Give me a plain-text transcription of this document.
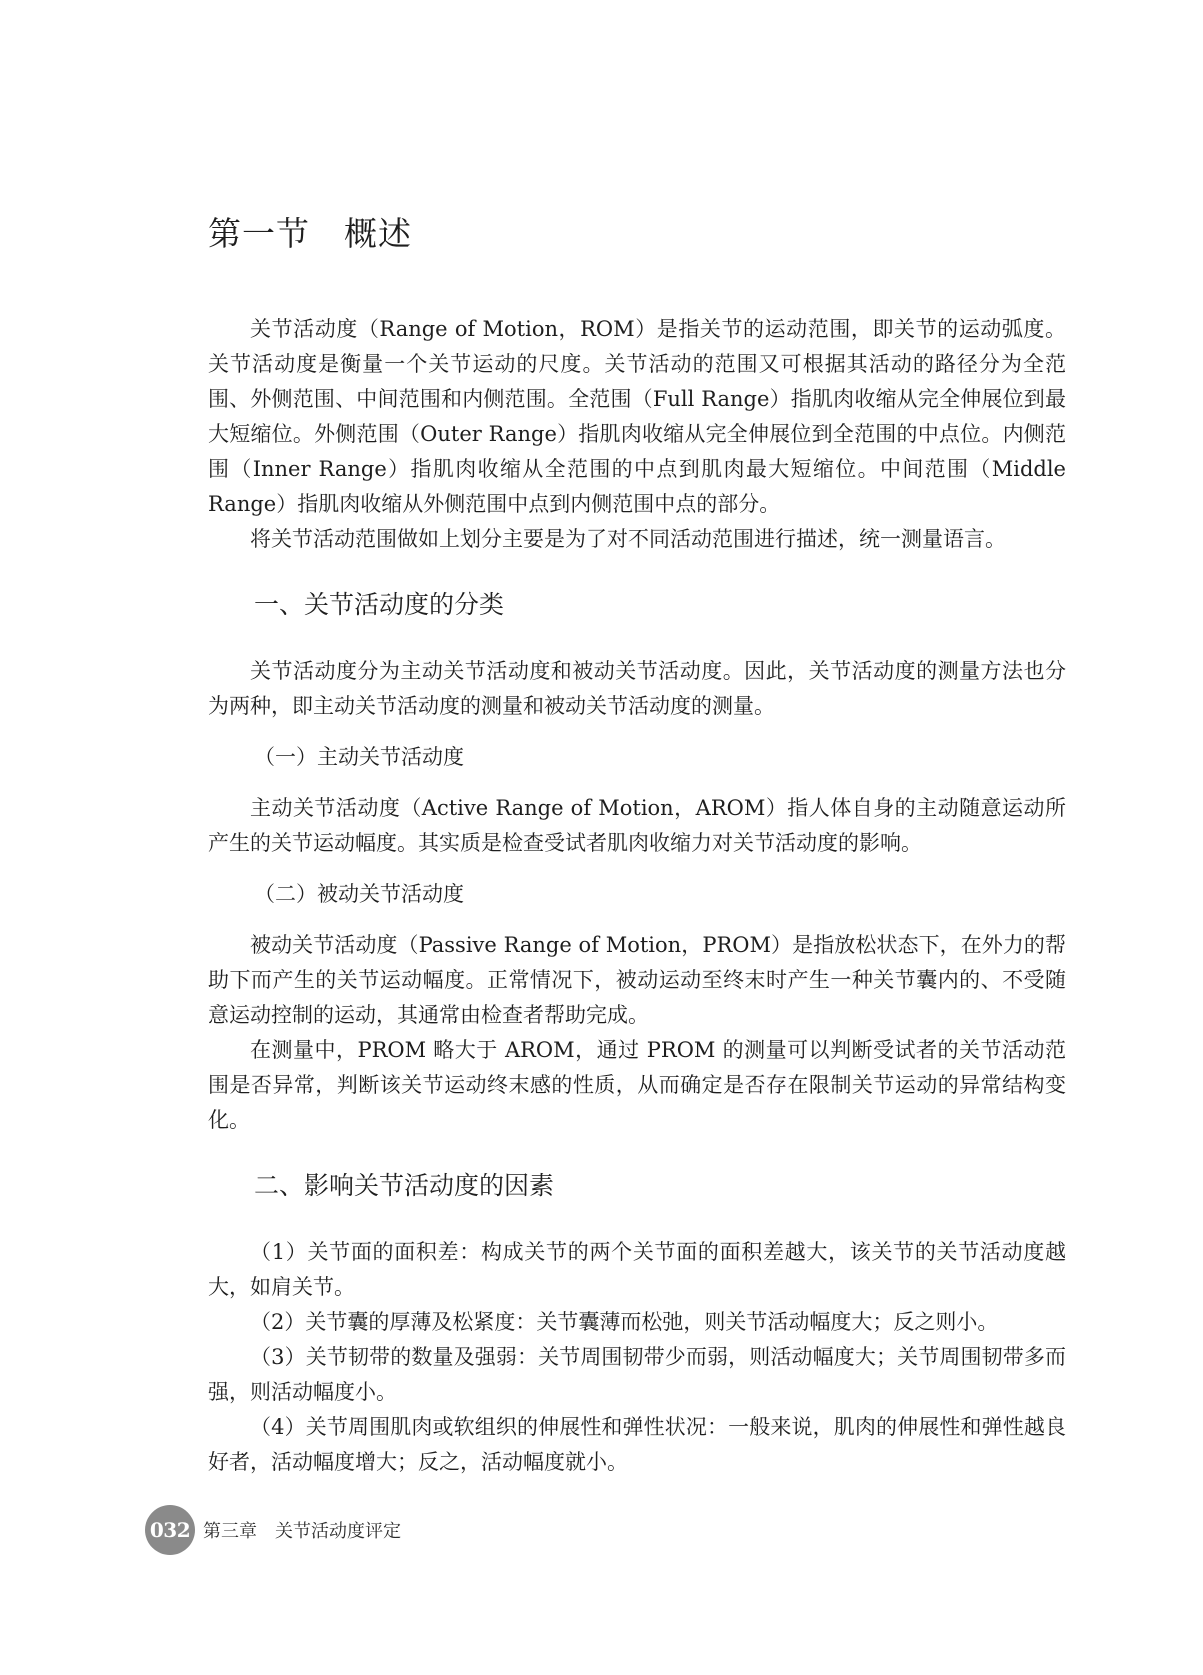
第一节　概述

关节活动度（Range of Motion，ROM）是指关节的运动范围，即关节的运动弧度。关节活动度是衡量一个关节运动的尺度。关节活动的范围又可根据其活动的路径分为全范围、外侧范围、中间范围和内侧范围。全范围（Full Range）指肌肉收缩从完全伸展位到最大短缩位。外侧范围（Outer Range）指肌肉收缩从完全伸展位到全范围的中点位。内侧范围（Inner Range）指肌肉收缩从全范围的中点到肌肉最大短缩位。中间范围（Middle Range）指肌肉收缩从外侧范围中点到内侧范围中点的部分。

将关节活动范围做如上划分主要是为了对不同活动范围进行描述，统一测量语言。

一、关节活动度的分类

关节活动度分为主动关节活动度和被动关节活动度。因此，关节活动度的测量方法也分为两种，即主动关节活动度的测量和被动关节活动度的测量。

（一）主动关节活动度

主动关节活动度（Active Range of Motion，AROM）指人体自身的主动随意运动所产生的关节运动幅度。其实质是检查受试者肌肉收缩力对关节活动度的影响。

（二）被动关节活动度

被动关节活动度（Passive Range of Motion，PROM）是指放松状态下，在外力的帮助下而产生的关节运动幅度。正常情况下，被动运动至终末时产生一种关节囊内的、不受随意运动控制的运动，其通常由检查者帮助完成。

在测量中，PROM 略大于 AROM，通过 PROM 的测量可以判断受试者的关节活动范围是否异常，判断该关节运动终末感的性质，从而确定是否存在限制关节运动的异常结构变化。

二、影响关节活动度的因素

（1）关节面的面积差：构成关节的两个关节面的面积差越大，该关节的关节活动度越大，如肩关节。

（2）关节囊的厚薄及松紧度：关节囊薄而松弛，则关节活动幅度大；反之则小。

（3）关节韧带的数量及强弱：关节周围韧带少而弱，则活动幅度大；关节周围韧带多而强，则活动幅度小。

（4）关节周围肌肉或软组织的伸展性和弹性状况：一般来说，肌肉的伸展性和弹性越良好者，活动幅度增大；反之，活动幅度就小。

032 第三章　关节活动度评定
